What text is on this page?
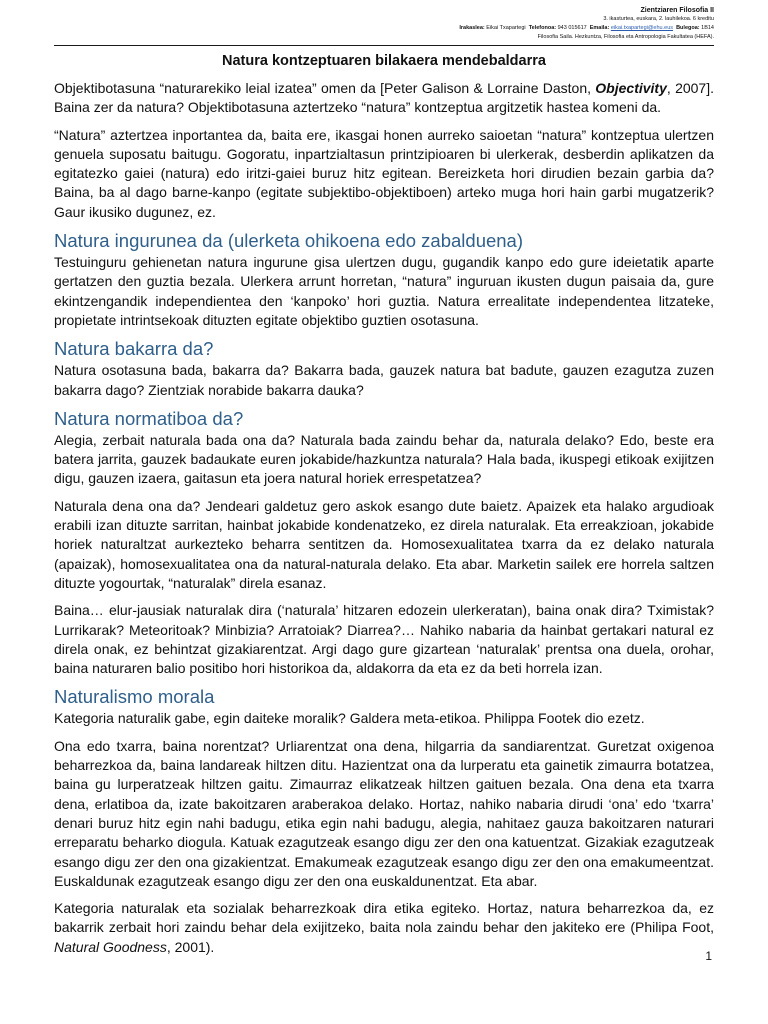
Zientziaren Filosofia II
3. ikasturtea, euskara, 2. lauhilekoa. 6 kreditu
Irakaslea: Eikai Txapartegi Telefonoa: 943 015617 Emaila: eikai.txapartegi@ehu.eus Bulegoa: 1B14
Filosofia Saila. Hezkuntza, Filosofia eta Antropologia Fakultatea (HEFA).
Natura kontzeptuaren bilakaera mendebaldarra

Objektibotasuna “naturarekiko leial izatea” omen da [Peter Galison & Lorraine Daston, Objectivity, 2007]. Baina zer da natura? Objektibotasuna aztertzeko “natura” kontzeptua argitzetik hastea komeni da.

“Natura” aztertzea inportantea da, baita ere, ikasgai honen aurreko saioetan “natura” kontzeptua ulertzen genuela suposatu baitugu. Gogoratu, inpartzialtasun printzipioaren bi ulerkerak, desberdin aplikatzen da egitatezko gaiei (natura) edo iritzi-gaiei buruz hitz egitean. Bereizketa hori dirudien bezain garbia da? Baina, ba al dago barne-kanpo (egitate subjektibo-objektiboen) arteko muga hori hain garbi mugatzerik?Gaur ikusiko dugunez, ez.

Natura ingurunea da (ulerketa ohikoena edo zabalduena)

Testuinguru gehienetan natura ingurune gisa ulertzen dugu, gugandik kanpo edo gure ideietatik aparte gertatzen den guztia bezala. Ulerkera arrunt horretan, “natura” inguruan ikusten dugun paisaia da, gure ekintzengandik independientea den ‘kanpoko’ hori guztia. Natura errealitate independentea litzateke, propietate intrintsekoak dituzten egitate objektibo guztien osotasuna.

Natura bakarra da?

Natura osotasuna bada, bakarra da? Bakarra bada, gauzek natura bat badute, gauzen ezagutza zuzen bakarra dago? Zientziak norabide bakarra dauka?

Natura normatiboa da?

Alegia, zerbait naturala bada ona da? Naturala bada zaindu behar da, naturala delako? Edo, beste era batera jarrita, gauzek badaukate euren jokabide/hazkuntza naturala? Hala bada, ikuspegi etikoak exijitzen digu, gauzen izaera, gaitasun eta joera natural horiek errespetatzea?

Naturala dena ona da? Jendeari galdetuz gero askok esango dute baietz. Apaizek eta halako argudioak erabili izan dituzte sarritan, hainbat jokabide kondenatzeko, ez direla naturalak. Eta erreakzioan, jokabide horiek naturaltzat aurkezteko beharra sentitzen da. Homosexualitatea txarra da ez delako naturala (apaizak), homosexualitatea ona da natural-naturala delako. Eta abar. Marketin sailek ere horrela saltzen dituzte yogourtak, “naturalak” direla esanaz.

Baina… elur-jausiak naturalak dira (‘naturala’ hitzaren edozein ulerkeratan), baina onak dira? Tximistak? Lurrikarak? Meteoritoak? Minbizia? Arratoiak? Diarrea?… Nahiko nabaria da hainbat gertakari natural ez direla onak, ez behintzat gizakiarentzat. Argi dago gure gizartean ‘naturalak’ prentsa ona duela, orohar, baina naturaren balio positibo hori historikoa da, aldakorra da eta ez da beti horrela izan.

Naturalismo morala

Kategoria naturalik gabe, egin daiteke moralik? Galdera meta-etikoa. Philippa Footek dio ezetz.

Ona edo txarra, baina norentzat? Urliarentzat ona dena, hilgarria da sandiarentzat. Guretzat oxigenoa beharrezkoa da, baina landareak hiltzen ditu. Hazientzat ona da lurperatu eta gainetik zimaurra botatzea, baina gu lurperatzeak hiltzen gaitu. Zimaurraz elikatzeak hiltzen gaituen bezala. Ona dena eta txarra dena, erlatiboa da, izate bakoitzaren araberakoa delako. Hortaz, nahiko nabaria dirudi ‘ona’ edo ‘txarra’ denari buruz hitz egin nahi badugu, etika egin nahi badugu, alegia, nahitaez gauza bakoitzaren naturari erreparatu beharko diogula. Katuak ezagutzeak esango digu zer den ona katuentzat. Gizakiak ezagutzeak esango digu zer den ona gizakientzat. Emakumeak ezagutzeak esango digu zer den ona emakumeentzat. Euskaldunak ezagutzeak esango digu zer den ona euskaldunentzat. Eta abar.

Kategoria naturalak eta sozialak beharrezkoak dira etika egiteko. Hortaz, natura beharrezkoa da, ez bakarrik zerbait hori zaindu behar dela exijitzeko, baita nola zaindu behar den jakiteko ere (Philipa Foot, Natural Goodness, 2001).

1
